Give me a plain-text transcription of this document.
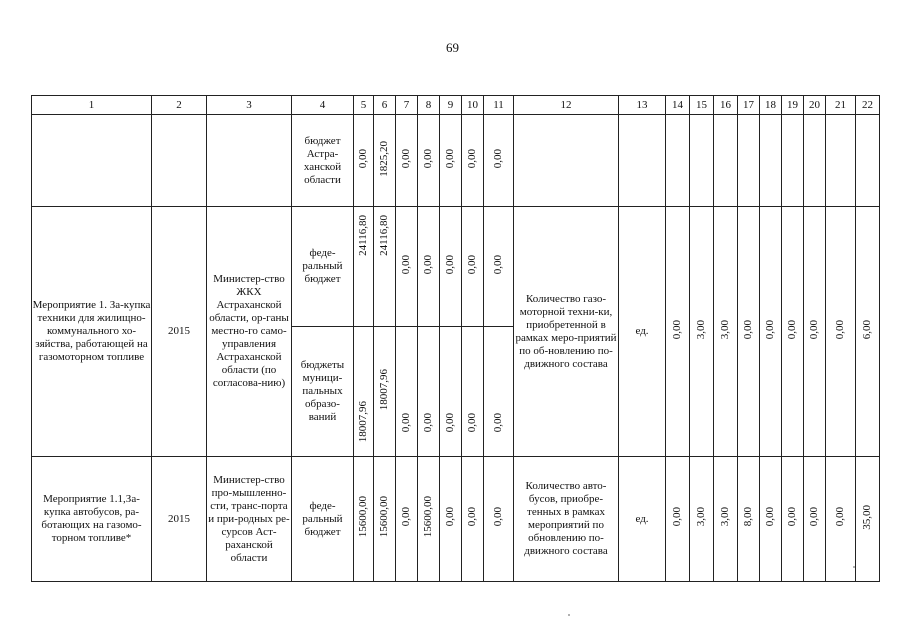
69
1	2	3	4	5	6	7	8	9	10	11	12	13	14	15	16	17	18	19	20	21	22
			бюджет Астра-ханской области	0,00	1825,20	0,00	0,00	0,00	0,00	0,00											
Мероприятие 1. За-купка техники для жилищно-коммунального хо-зяйства, работающей на газомоторном топливе	2015	Министер-ство ЖКХ Астраханской области, ор-ганы местно-го само-управления Астраханской области (по согласова-нию)	феде-ральный бюджет	24116,80	24116,80	0,00	0,00	0,00	0,00	0,00	Количество газо-моторной техни-ки, приобретенной в рамках меро-приятий по об-новлению по-движного состава	ед.	0,00	3,00	3,00	0,00	0,00	0,00	0,00	0,00	6,00
			бюджеты муници-пальных образо-ваний	18007,96	18007,96	0,00	0,00	0,00	0,00	0,00											
Мероприятие 1.1,За-купка автобусов, ра-ботающих на газомо-торном топливе*	2015	Министер-ство про-мышленно-сти, транс-порта и при-родных ре-сурсов Аст-раханской области	феде-ральный бюджет	15600,00	15600,00	0,00	15600,00	0,00	0,00	0,00	Количество авто-бусов, приобре-тенных в рамках мероприятий по обновлению по-движного состава	ед.	0,00	3,00	3,00	8,00	0,00	0,00	0,00	0,00	35,00
